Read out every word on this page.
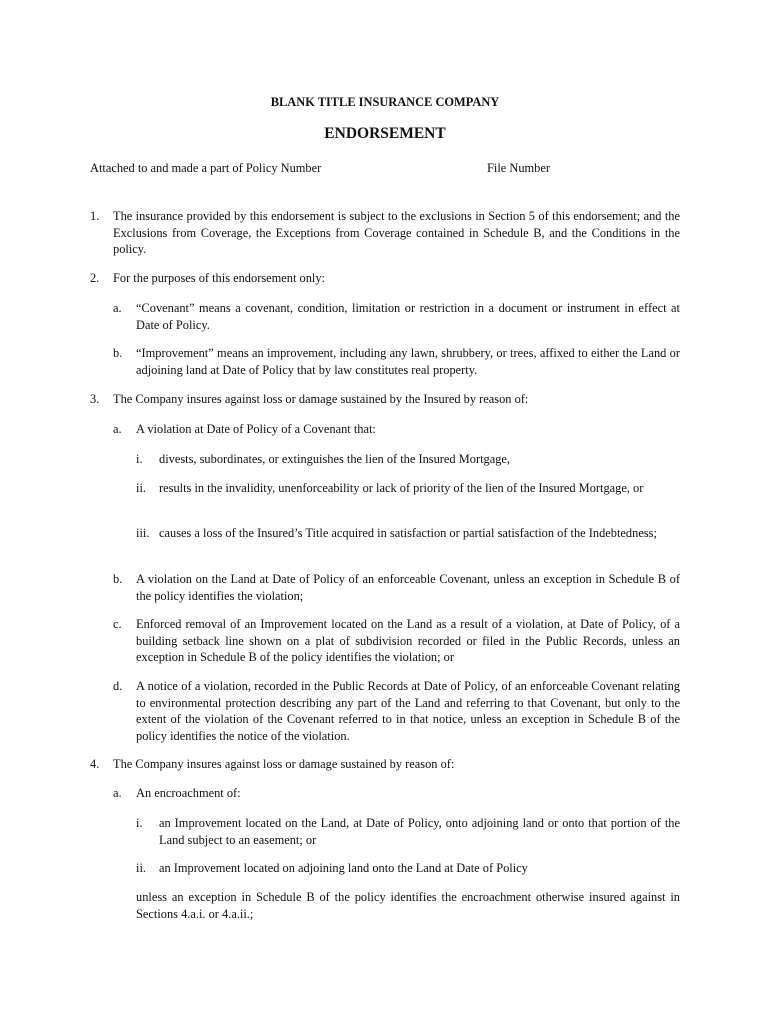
BLANK TITLE INSURANCE COMPANY
ENDORSEMENT
Attached to and made a part of Policy Number	File Number
1. The insurance provided by this endorsement is subject to the exclusions in Section 5 of this endorsement; and the Exclusions from Coverage, the Exceptions from Coverage contained in Schedule B, and the Conditions in the policy.
2. For the purposes of this endorsement only:
a. “Covenant” means a covenant, condition, limitation or restriction in a document or instrument in effect at Date of Policy.
b. “Improvement” means an improvement, including any lawn, shrubbery, or trees, affixed to either the Land or adjoining land at Date of Policy that by law constitutes real property.
3. The Company insures against loss or damage sustained by the Insured by reason of:
a. A violation at Date of Policy of a Covenant that:
i. divests, subordinates, or extinguishes the lien of the Insured Mortgage,
ii. results in the invalidity, unenforceability or lack of priority of the lien of the Insured Mortgage, or
iii. causes a loss of the Insured’s Title acquired in satisfaction or partial satisfaction of the Indebtedness;
b. A violation on the Land at Date of Policy of an enforceable Covenant, unless an exception in Schedule B of the policy identifies the violation;
c. Enforced removal of an Improvement located on the Land as a result of a violation, at Date of Policy, of a building setback line shown on a plat of subdivision recorded or filed in the Public Records, unless an exception in Schedule B of the policy identifies the violation; or
d. A notice of a violation, recorded in the Public Records at Date of Policy, of an enforceable Covenant relating to environmental protection describing any part of the Land and referring to that Covenant, but only to the extent of the violation of the Covenant referred to in that notice, unless an exception in Schedule B of the policy identifies the notice of the violation.
4. The Company insures against loss or damage sustained by reason of:
a. An encroachment of:
i. an Improvement located on the Land, at Date of Policy, onto adjoining land or onto that portion of the Land subject to an easement; or
ii. an Improvement located on adjoining land onto the Land at Date of Policy
unless an exception in Schedule B of the policy identifies the encroachment otherwise insured against in Sections 4.a.i. or 4.a.ii.;
